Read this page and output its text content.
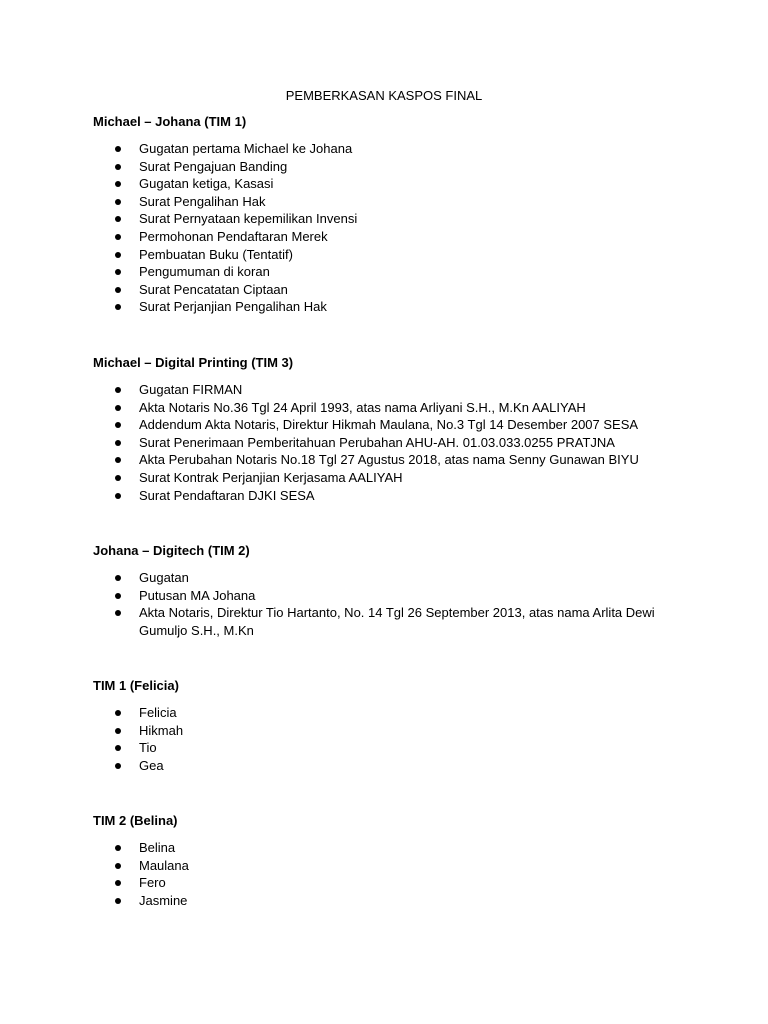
PEMBERKASAN KASPOS FINAL
Michael – Johana (TIM 1)
Gugatan pertama Michael ke Johana
Surat Pengajuan Banding
Gugatan ketiga, Kasasi
Surat Pengalihan Hak
Surat Pernyataan kepemilikan Invensi
Permohonan Pendaftaran Merek
Pembuatan Buku (Tentatif)
Pengumuman di koran
Surat Pencatatan Ciptaan
Surat Perjanjian Pengalihan Hak
Michael – Digital Printing (TIM 3)
Gugatan FIRMAN
Akta Notaris No.36 Tgl 24 April 1993, atas nama Arliyani S.H., M.Kn AALIYAH
Addendum Akta Notaris, Direktur Hikmah Maulana, No.3 Tgl 14 Desember 2007 SESA
Surat Penerimaan Pemberitahuan Perubahan AHU-AH. 01.03.033.0255 PRATJNA
Akta Perubahan Notaris No.18 Tgl 27 Agustus 2018, atas nama Senny Gunawan BIYU
Surat Kontrak Perjanjian Kerjasama AALIYAH
Surat Pendaftaran DJKI SESA
Johana – Digitech (TIM 2)
Gugatan
Putusan MA Johana
Akta Notaris, Direktur Tio Hartanto, No. 14 Tgl 26 September 2013, atas nama Arlita Dewi Gumuljo S.H., M.Kn
TIM 1 (Felicia)
Felicia
Hikmah
Tio
Gea
TIM 2 (Belina)
Belina
Maulana
Fero
Jasmine
